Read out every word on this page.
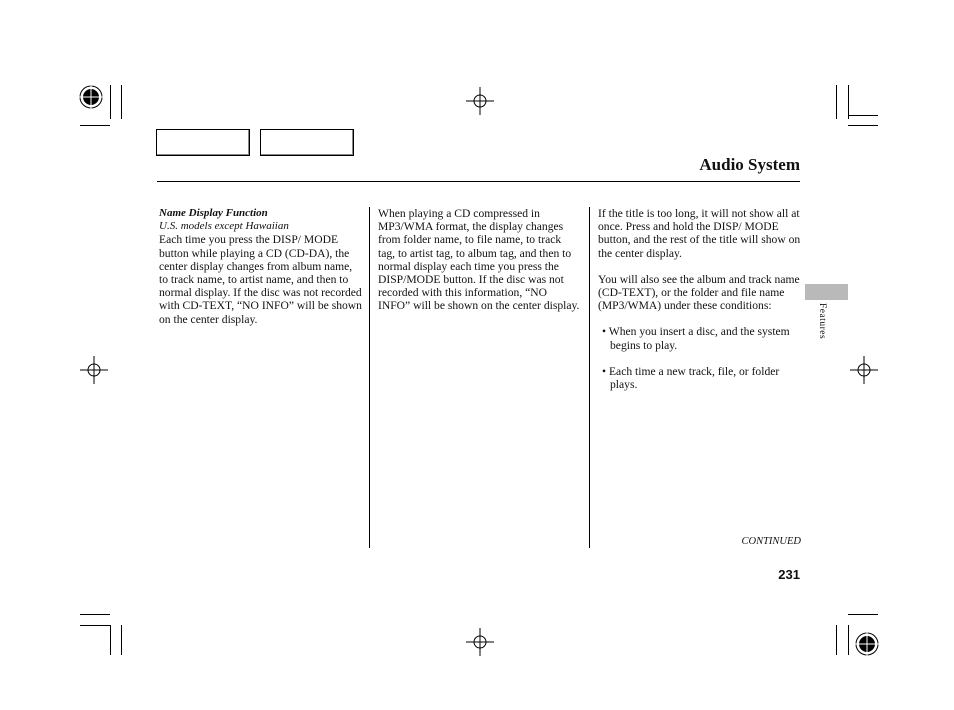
Audio System
Name Display Function
U.S. models except Hawaiian

Each time you press the DISP/ MODE button while playing a CD (CD-DA), the center display changes from album name, to track name, to artist name, and then to normal display. If the disc was not recorded with CD-TEXT, “NO INFO” will be shown on the center display.

When playing a CD compressed in MP3/WMA format, the display changes from folder name, to file name, to track tag, to artist tag, to album tag, and then to normal display each time you press the DISP/MODE button. If the disc was not recorded with this information, “NO INFO” will be shown on the center display.

If the title is too long, it will not show all at once. Press and hold the DISP/ MODE button, and the rest of the title will show on the center display.

You will also see the album and track name (CD-TEXT), or the folder and file name (MP3/WMA) under these conditions:

• When you insert a disc, and the system begins to play.

• Each time a new track, file, or folder plays.

Features
CONTINUED
231
